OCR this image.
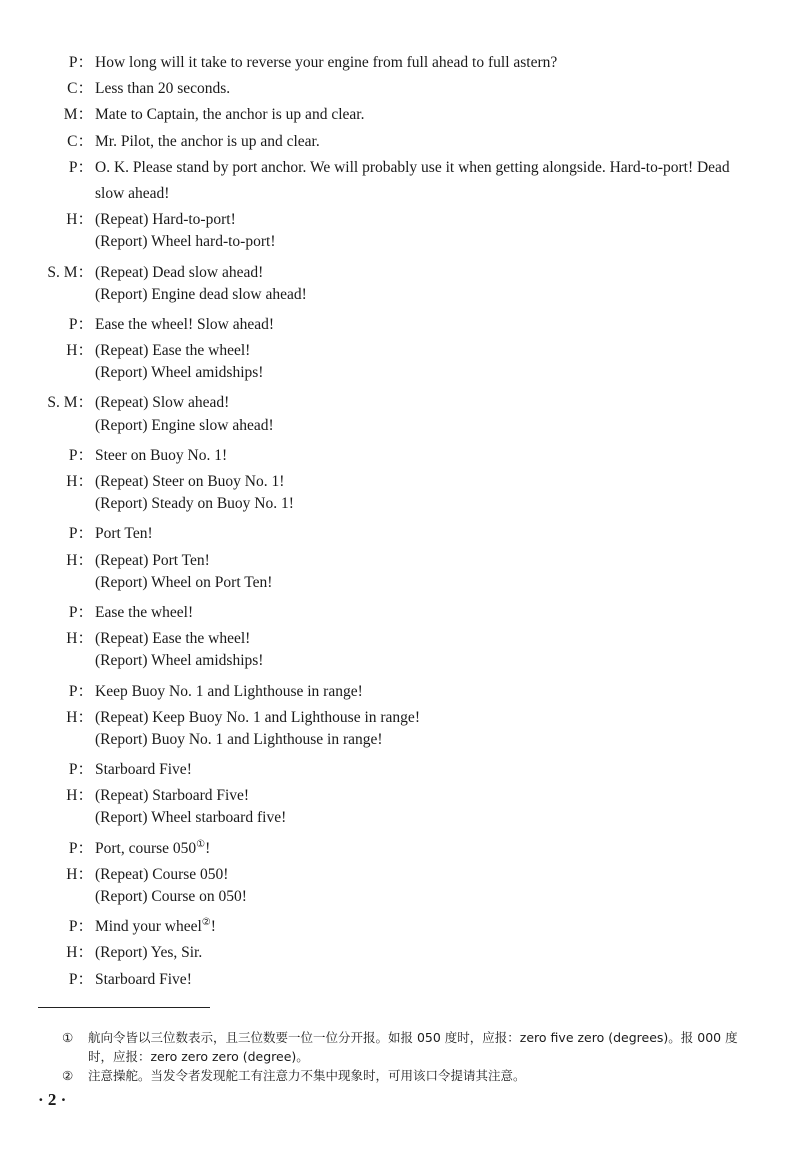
P： How long will it take to reverse your engine from full ahead to full astern?
C： Less than 20 seconds.
M： Mate to Captain, the anchor is up and clear.
C： Mr. Pilot, the anchor is up and clear.
P： O. K. Please stand by port anchor. We will probably use it when getting alongside. Hard-to-port! Dead slow ahead!
H： (Repeat) Hard-to-port!
(Report) Wheel hard-to-port!
S. M： (Repeat) Dead slow ahead!
(Report) Engine dead slow ahead!
P： Ease the wheel! Slow ahead!
H： (Repeat) Ease the wheel!
(Report) Wheel amidships!
S. M： (Repeat) Slow ahead!
(Report) Engine slow ahead!
P： Steer on Buoy No. 1!
H： (Repeat) Steer on Buoy No. 1!
(Report) Steady on Buoy No. 1!
P： Port Ten!
H： (Repeat) Port Ten!
(Report) Wheel on Port Ten!
P： Ease the wheel!
H： (Repeat) Ease the wheel!
(Report) Wheel amidships!
P： Keep Buoy No. 1 and Lighthouse in range!
H： (Repeat) Keep Buoy No. 1 and Lighthouse in range!
(Report) Buoy No. 1 and Lighthouse in range!
P： Starboard Five!
H： (Repeat) Starboard Five!
(Report) Wheel starboard five!
P： Port, course 050①!
H： (Repeat) Course 050!
(Report) Course on 050!
P： Mind your wheel②!
H： (Report) Yes, Sir.
P： Starboard Five!
①	航向令皆以三位数表示，且三位数要一位一位分开报。如报 050 度时，应报：zero five zero (degrees)。报 000 度时，应报：zero zero zero (degree)。
②	注意操舵。当发令者发现舵工有注意力不集中现象时，可用该口令提请其注意。
· 2 ·
